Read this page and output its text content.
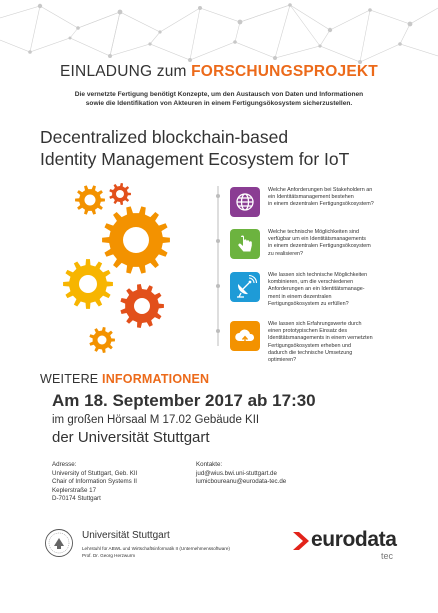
EINLADUNG zum FORSCHUNGSPROJEKT
Die vernetzte Fertigung benötigt Konzepte, um den Austausch von Daten und Informationen
sowie die Identifikation von Akteuren in einem Fertigungsökosystem sicherzustellen.
Decentralized blockchain-based
Identity Management Ecosystem for IoT
Welche Anforderungen bei Stakeholdern an
ein Identitätsmanagement bestehen
in einem dezentralen Fertigungsökosystem?
Welche technische Möglichkeiten sind
verfügbar um ein Identitätsmanagements
in einem dezentralen Fertigungsökosystem
zu realisieren?
Wie lassen sich technische Möglichkeiten
kombinieren, um die verschiedenen
Anforderungen an ein Identitätsmanage-
ment in einem dezentralen
Fertigungsökosystem zu erfüllen?
Wie lassen sich Erfahrungswerte durch
einen prototypischen Einsatz des
Identitätsmanagements in einem vernetzten
Fertigungsökosystem erheben und
dadurch die technische Umsetzung
optimieren?
WEITERE INFORMATIONEN
Am 18. September 2017 ab 17:30
im großen Hörsaal M 17.02 Gebäude KII
der Universität Stuttgart
Adresse:
University of Stuttgart, Geb. KII
Chair of Information Systems II
Keplerstraße 17
D-70174 Stuttgart
Kontakte:
jud@wius.bwi.uni-stuttgart.de
lumicboureanu@eurodata-tec.de
Universität Stuttgart
Lehrstuhl für ABWL und Wirtschaftsinformatik II (Unternehmenssoftware)
Prof. Dr. Georg Herzwurm
eurodata
tec
